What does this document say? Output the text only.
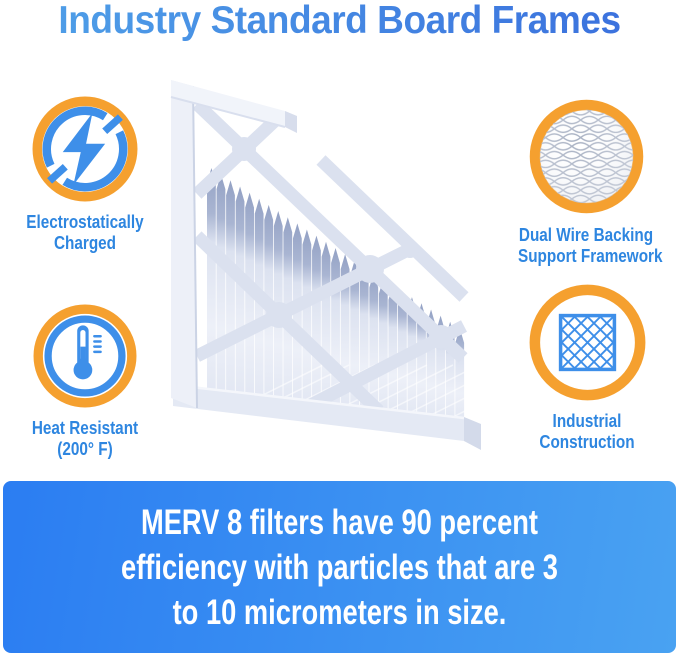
Industry Standard Board Frames
Electrostatically
Charged	Dual Wire Backing
Support Framework
Heat Resistant
(200° F)
Industrial
Construction
MERV 8 filters have 90 percent
efficiency with particles that are 3
to 10 micrometers in size.
